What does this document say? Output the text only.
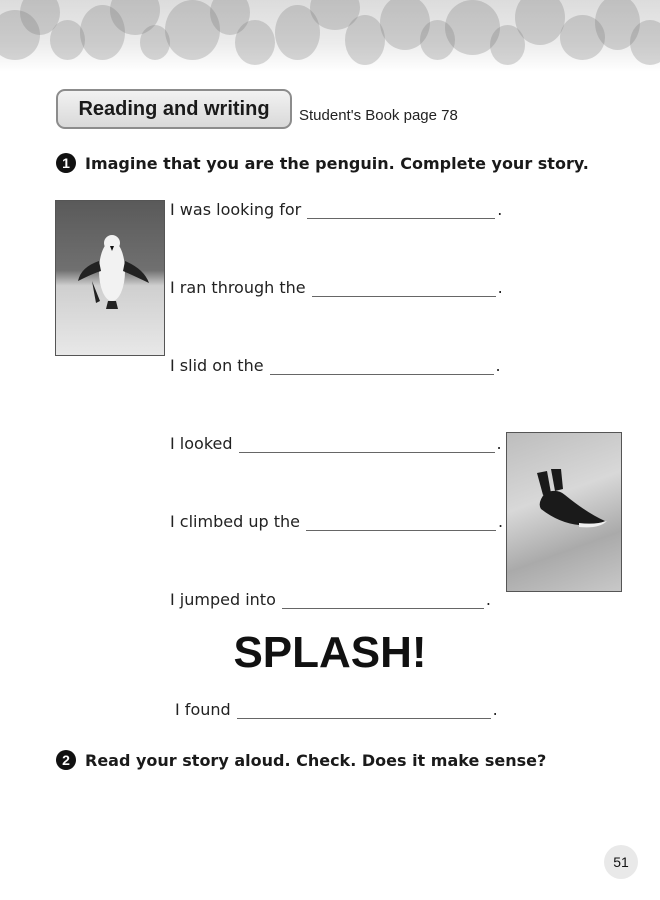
Reading and writing	Student's Book page 78
1 Imagine that you are the penguin. Complete your story.
I was looking for	.
I ran through the	.
I slid on the	.
I looked	.
I climbed up the	.
I jumped into	.
SPLASH!
I found	.
2 Read your story aloud. Check. Does it make sense?
51
